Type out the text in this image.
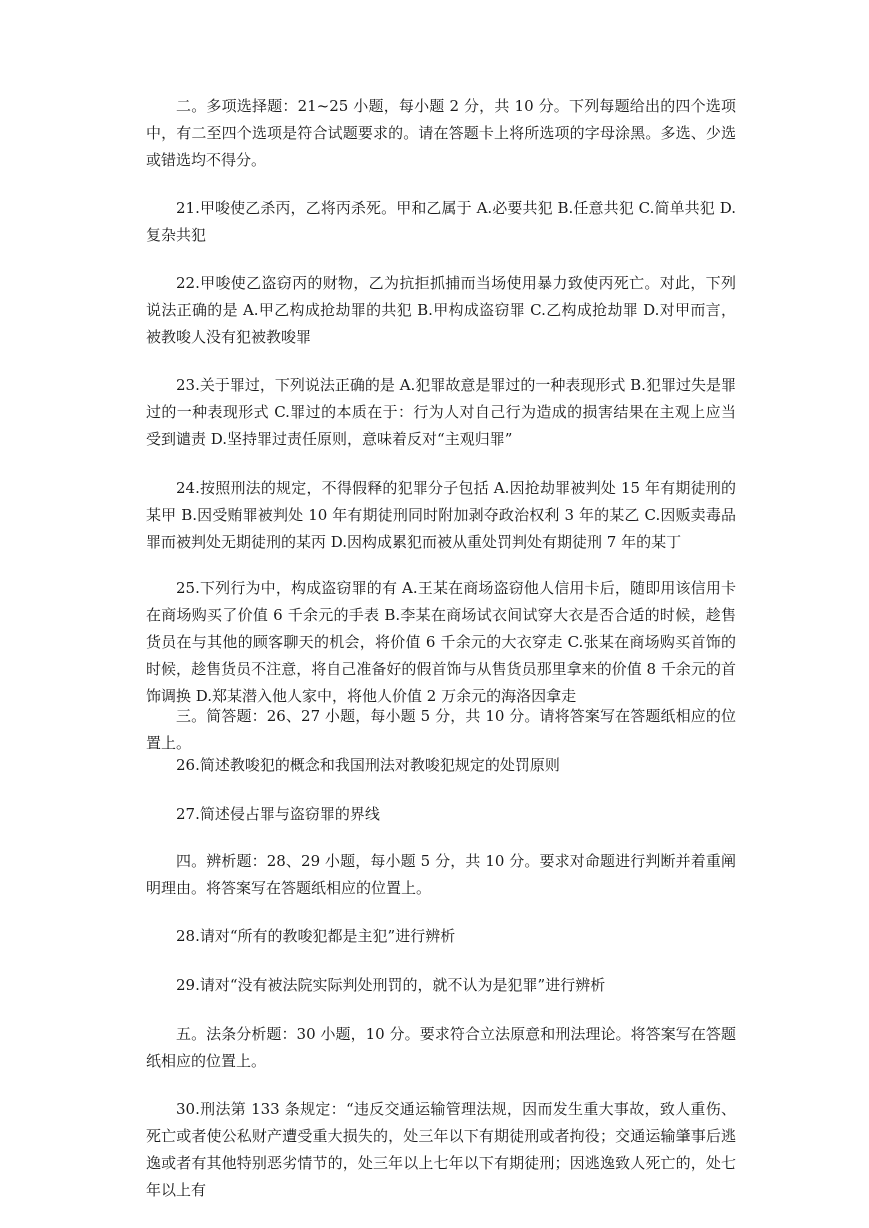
二。多项选择题：21~25 小题，每小题 2 分，共 10 分。下列每题给出的四个选项中，有二至四个选项是符合试题要求的。请在答题卡上将所选项的字母涂黑。多选、少选或错选均不得分。

21.甲唆使乙杀丙，乙将丙杀死。甲和乙属于 A.必要共犯 B.任意共犯 C.简单共犯 D.复杂共犯

22.甲唆使乙盗窃丙的财物，乙为抗拒抓捕而当场使用暴力致使丙死亡。对此，下列说法正确的是 A.甲乙构成抢劫罪的共犯 B.甲构成盗窃罪 C.乙构成抢劫罪 D.对甲而言，被教唆人没有犯被教唆罪

23.关于罪过，下列说法正确的是 A.犯罪故意是罪过的一种表现形式 B.犯罪过失是罪过的一种表现形式 C.罪过的本质在于：行为人对自己行为造成的损害结果在主观上应当受到谴责 D.坚持罪过责任原则，意味着反对“主观归罪”

24.按照刑法的规定，不得假释的犯罪分子包括 A.因抢劫罪被判处 15 年有期徒刑的某甲 B.因受贿罪被判处 10 年有期徒刑同时附加剥夺政治权利 3 年的某乙 C.因贩卖毒品罪而被判处无期徒刑的某丙 D.因构成累犯而被从重处罚判处有期徒刑 7 年的某丁

25.下列行为中，构成盗窃罪的有 A.王某在商场盗窃他人信用卡后，随即用该信用卡在商场购买了价值 6 千余元的手表 B.李某在商场试衣间试穿大衣是否合适的时候，趁售货员在与其他的顾客聊天的机会，将价值 6 千余元的大衣穿走 C.张某在商场购买首饰的时候，趁售货员不注意，将自己准备好的假首饰与从售货员那里拿来的价值 8 千余元的首饰调换 D.郑某潜入他人家中，将他人价值 2 万余元的海洛因拿走

三。简答题：26、27 小题，每小题 5 分，共 10 分。请将答案写在答题纸相应的位置上。

26.简述教唆犯的概念和我国刑法对教唆犯规定的处罚原则

27.简述侵占罪与盗窃罪的界线

四。辨析题：28、29 小题，每小题 5 分，共 10 分。要求对命题进行判断并着重阐明理由。将答案写在答题纸相应的位置上。

28.请对“所有的教唆犯都是主犯”进行辨析

29.请对“没有被法院实际判处刑罚的，就不认为是犯罪”进行辨析

五。法条分析题：30 小题，10 分。要求符合立法原意和刑法理论。将答案写在答题纸相应的位置上。

30.刑法第 133 条规定：“违反交通运输管理法规，因而发生重大事故，致人重伤、死亡或者使公私财产遭受重大损失的，处三年以下有期徒刑或者拘役；交通运输肇事后逃逸或者有其他特别恶劣情节的，处三年以上七年以下有期徒刑；因逃逸致人死亡的，处七年以上有
